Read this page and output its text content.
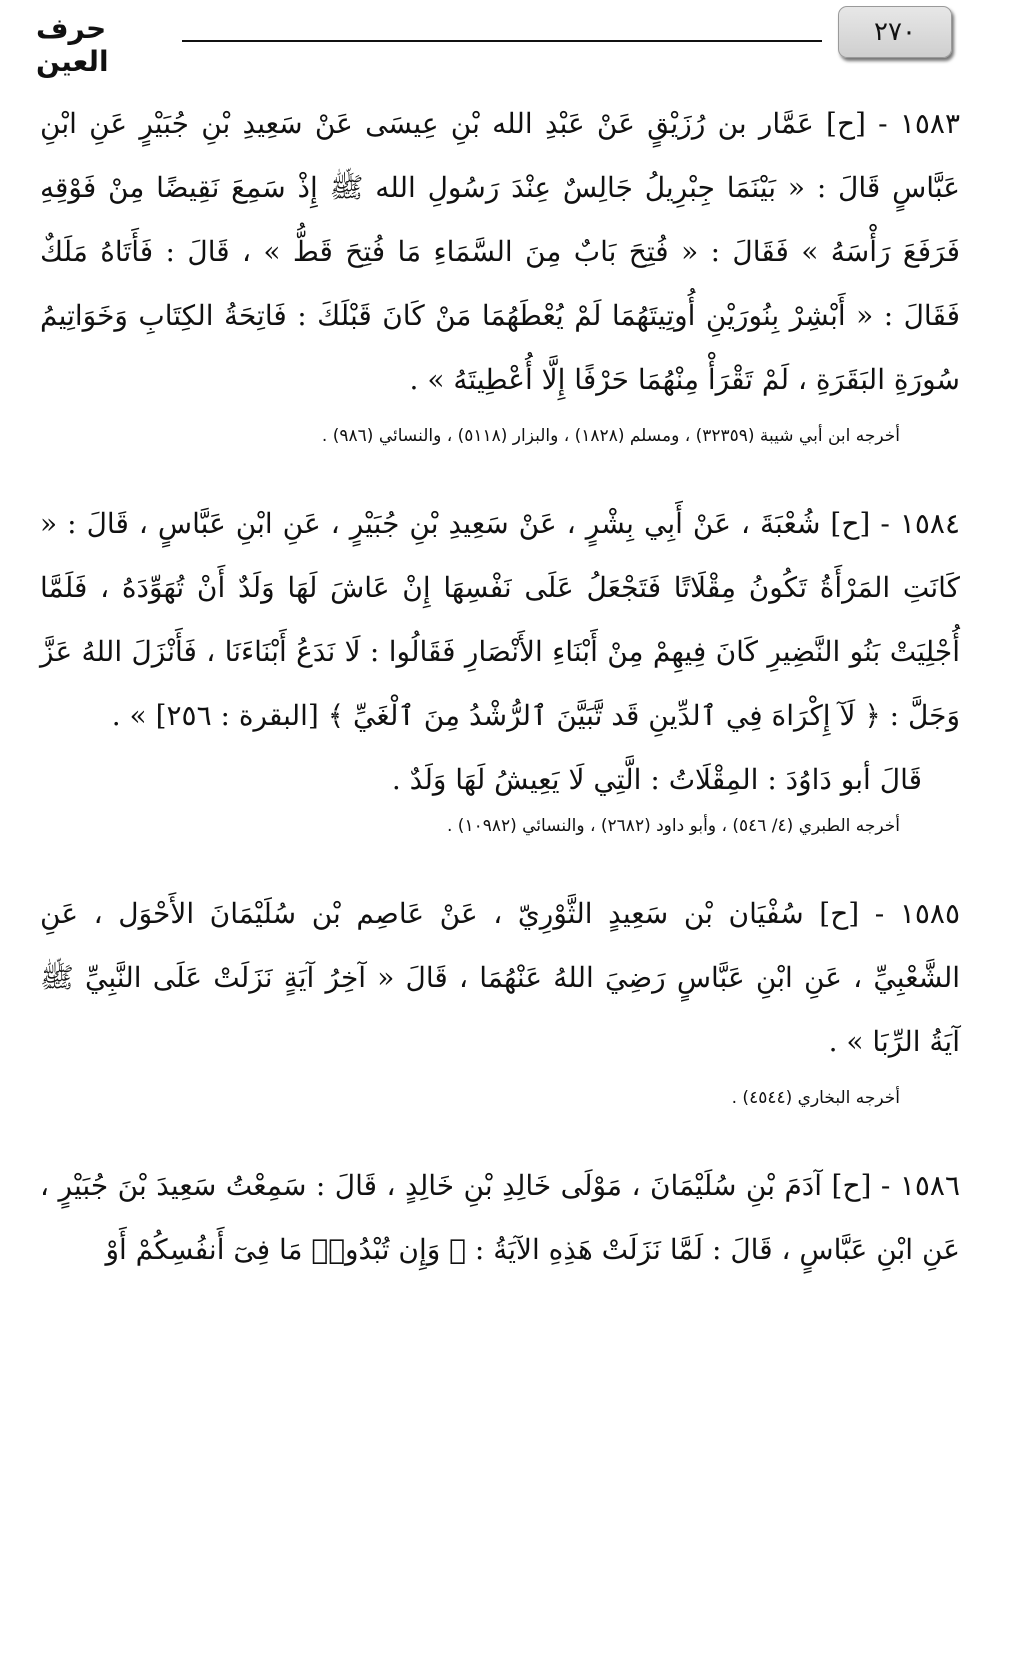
٢٧٠
حرف العين

١٥٨٣ - [ح] عَمَّار بن رُزَيْقٍ عَنْ عَبْدِ الله بْنِ عِيسَى عَنْ سَعِيدِ بْنِ جُبَيْرٍ عَنِ ابْنِ عَبَّاسٍ قَالَ : « بَيْنَمَا جِبْرِيلُ جَالِسٌ عِنْدَ رَسُولِ الله ﷺ إِذْ سَمِعَ نَقِيضًا مِنْ فَوْقِهِ فَرَفَعَ رَأْسَهُ » فَقَالَ : « فُتِحَ بَابٌ مِنَ السَّمَاءِ مَا فُتِحَ قَطُّ » ، قَالَ : فَأَتَاهُ مَلَكٌ فَقَالَ : « أَبْشِرْ بِنُورَيْنِ أُوتِيتَهُمَا لَمْ يُعْطَهُمَا مَنْ كَانَ قَبْلَكَ : فَاتِحَةُ الكِتَابِ وَخَوَاتِيمُ سُورَةِ البَقَرَةِ ، لَمْ تَقْرَأْ مِنْهُمَا حَرْفًا إِلَّا أُعْطِيتَهُ » .

أخرجه ابن أبي شيبة (٣٢٣٥٩) ، ومسلم (١٨٢٨) ، والبزار (٥١١٨) ، والنسائي (٩٨٦) .

١٥٨٤ - [ح] شُعْبَةَ ، عَنْ أَبِي بِشْرٍ ، عَنْ سَعِيدِ بْنِ جُبَيْرٍ ، عَنِ ابْنِ عَبَّاسٍ ، قَالَ : « كَانَتِ المَرْأَةُ تَكُونُ مِقْلَاتًا فَتَجْعَلُ عَلَى نَفْسِهَا إِنْ عَاشَ لَهَا وَلَدٌ أَنْ تُهَوِّدَهُ ، فَلَمَّا أُجْلِيَتْ بَنُو النَّضِيرِ كَانَ فِيهِمْ مِنْ أَبْنَاءِ الأَنْصَارِ فَقَالُوا : لَا نَدَعُ أَبْنَاءَنَا ، فَأَنْزَلَ اللهُ عَزَّ وَجَلَّ : ﴿ لَآ إِكْرَاهَ فِي ٱلدِّينِ قَد تَّبَيَّنَ ٱلرُّشْدُ مِنَ ٱلْغَيِّ ﴾ [البقرة : ٢٥٦] » .

قَالَ أبو دَاوُدَ : المِقْلَاتُ : الَّتِي لَا يَعِيشُ لَهَا وَلَدٌ .

أخرجه الطبري (٤/ ٥٤٦) ، وأبو داود (٢٦٨٢) ، والنسائي (١٠٩٨٢) .

١٥٨٥ - [ح] سُفْيَان بْن سَعِيدٍ الثَّوْرِيّ ، عَنْ عَاصِم بْن سُلَيْمَانَ الأَحْوَل ، عَنِ الشَّعْبِيِّ ، عَنِ ابْنِ عَبَّاسٍ رَضِيَ اللهُ عَنْهُمَا ، قَالَ « آخِرُ آيَةٍ نَزَلَتْ عَلَى النَّبِيِّ ﷺ آيَةُ الرِّبَا » .

أخرجه البخاري (٤٥٤٤) .

١٥٨٦ - [ح] آدَمَ بْنِ سُلَيْمَانَ ، مَوْلَى خَالِدِ بْنِ خَالِدٍ ، قَالَ : سَمِعْتُ سَعِيدَ بْنَ جُبَيْرٍ ، عَنِ ابْنِ عَبَّاسٍ ، قَالَ : لَمَّا نَزَلَتْ هَذِهِ الآيَةُ : ﴿ وَإِن تُبْدُوا۟ مَا فِىٓ أَنفُسِكُمْ أَوْ
